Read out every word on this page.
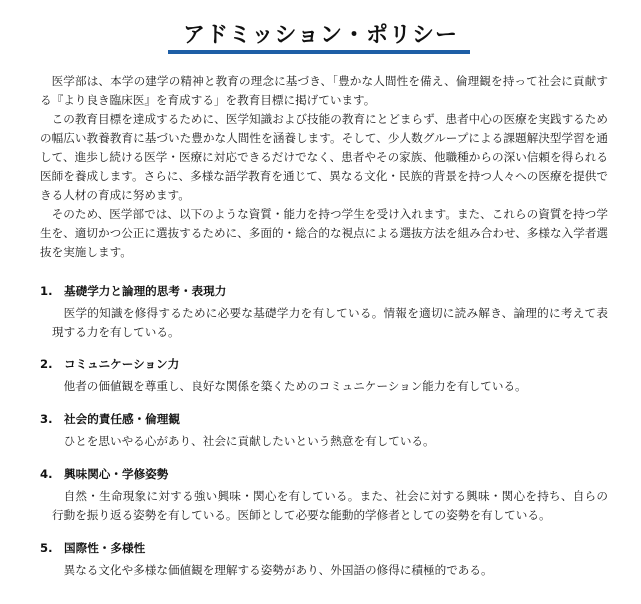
アドミッション・ポリシー

医学部は、本学の建学の精神と教育の理念に基づき、「豊かな人間性を備え、倫理観を持って社会に貢献する『より良き臨床医』を育成する」を教育目標に掲げています。

この教育目標を達成するために、医学知識および技能の教育にとどまらず、患者中心の医療を実践するための幅広い教養教育に基づいた豊かな人間性を涵養します。そして、少人数グループによる課題解決型学習を通して、進歩し続ける医学・医療に対応できるだけでなく、患者やその家族、他職種からの深い信頼を得られる医師を養成します。さらに、多様な語学教育を通じて、異なる文化・民族的背景を持つ人々への医療を提供できる人材の育成に努めます。

そのため、医学部では、以下のような資質・能力を持つ学生を受け入れます。また、これらの資質を持つ学生を、適切かつ公正に選抜するために、多面的・総合的な視点による選抜方法を組み合わせ、多様な入学者選抜を実施します。

1. 基礎学力と論理的思考・表現力
医学的知識を修得するために必要な基礎学力を有している。情報を適切に読み解き、論理的に考えて表現する力を有している。
2. コミュニケーション力
他者の価値観を尊重し、良好な関係を築くためのコミュニケーション能力を有している。
3. 社会的責任感・倫理観
ひとを思いやる心があり、社会に貢献したいという熱意を有している。
4. 興味関心・学修姿勢
自然・生命現象に対する強い興味・関心を有している。また、社会に対する興味・関心を持ち、自らの行動を振り返る姿勢を有している。医師として必要な能動的学修者としての姿勢を有している。
5. 国際性・多様性
異なる文化や多様な価値観を理解する姿勢があり、外国語の修得に積極的である。
